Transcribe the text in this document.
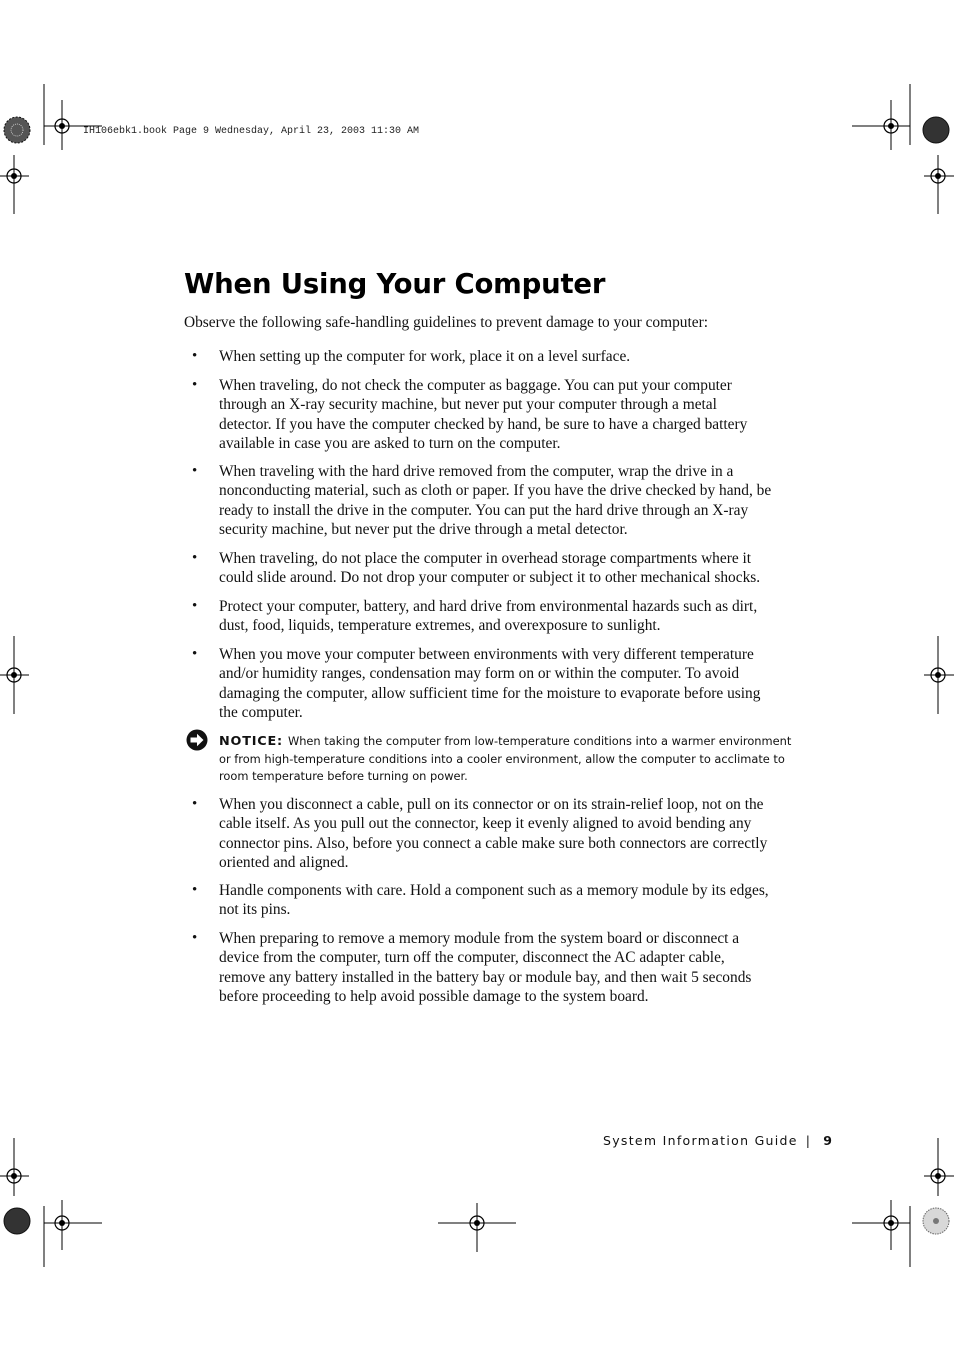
IH106ebk1.book Page 9 Wednesday, April 23, 2003 11:30 AM
When Using Your Computer

Observe the following safe-handling guidelines to prevent damage to your computer:

• When setting up the computer for work, place it on a level surface.
• When traveling, do not check the computer as baggage. You can put your computer
through an X-ray security machine, but never put your computer through a metal
detector. If you have the computer checked by hand, be sure to have a charged battery
available in case you are asked to turn on the computer.
• When traveling with the hard drive removed from the computer, wrap the drive in a
nonconducting material, such as cloth or paper. If you have the drive checked by hand, be
ready to install the drive in the computer. You can put the hard drive through an X-ray
security machine, but never put the drive through a metal detector.
• When traveling, do not place the computer in overhead storage compartments where it
could slide around. Do not drop your computer or subject it to other mechanical shocks.
• Protect your computer, battery, and hard drive from environmental hazards such as dirt,
dust, food, liquids, temperature extremes, and overexposure to sunlight.
• When you move your computer between environments with very different temperature
and/or humidity ranges, condensation may form on or within the computer. To avoid
damaging the computer, allow sufficient time for the moisture to evaporate before using
the computer.
NOTICE: When taking the computer from low-temperature conditions into a warmer environment
or from high-temperature conditions into a cooler environment, allow the computer to acclimate to
room temperature before turning on power.
• When you disconnect a cable, pull on its connector or on its strain-relief loop, not on the
cable itself. As you pull out the connector, keep it evenly aligned to avoid bending any
connector pins. Also, before you connect a cable make sure both connectors are correctly
oriented and aligned.
• Handle components with care. Hold a component such as a memory module by its edges,
not its pins.
• When preparing to remove a memory module from the system board or disconnect a
device from the computer, turn off the computer, disconnect the AC adapter cable,
remove any battery installed in the battery bay or module bay, and then wait 5 seconds
before proceeding to help avoid possible damage to the system board.
System Information Guide | 9
